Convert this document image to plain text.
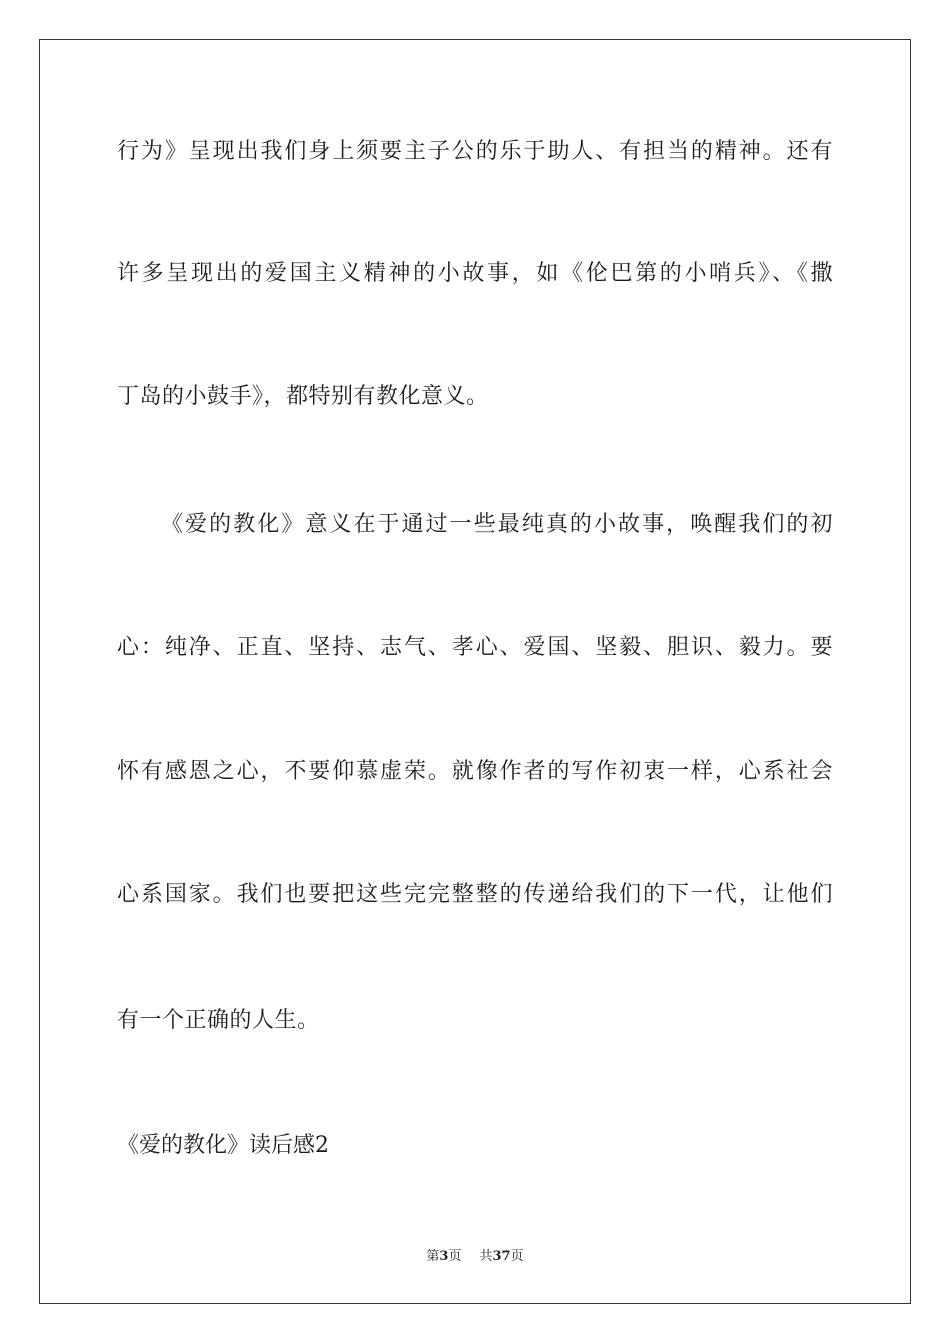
行为》呈现出我们身上须要主子公的乐于助人、有担当的精神。还有
许多呈现出的爱国主义精神的小故事，如《伦巴第的小哨兵》、《撒
丁岛的小鼓手》，都特别有教化意义。
《爱的教化》意义在于通过一些最纯真的小故事，唤醒我们的初
心：纯净、正直、坚持、志气、孝心、爱国、坚毅、胆识、毅力。要
怀有感恩之心，不要仰慕虚荣。就像作者的写作初衷一样，心系社会
心系国家。我们也要把这些完完整整的传递给我们的下一代，让他们
有一个正确的人生。
《爱的教化》读后感2
第3页 共37页
